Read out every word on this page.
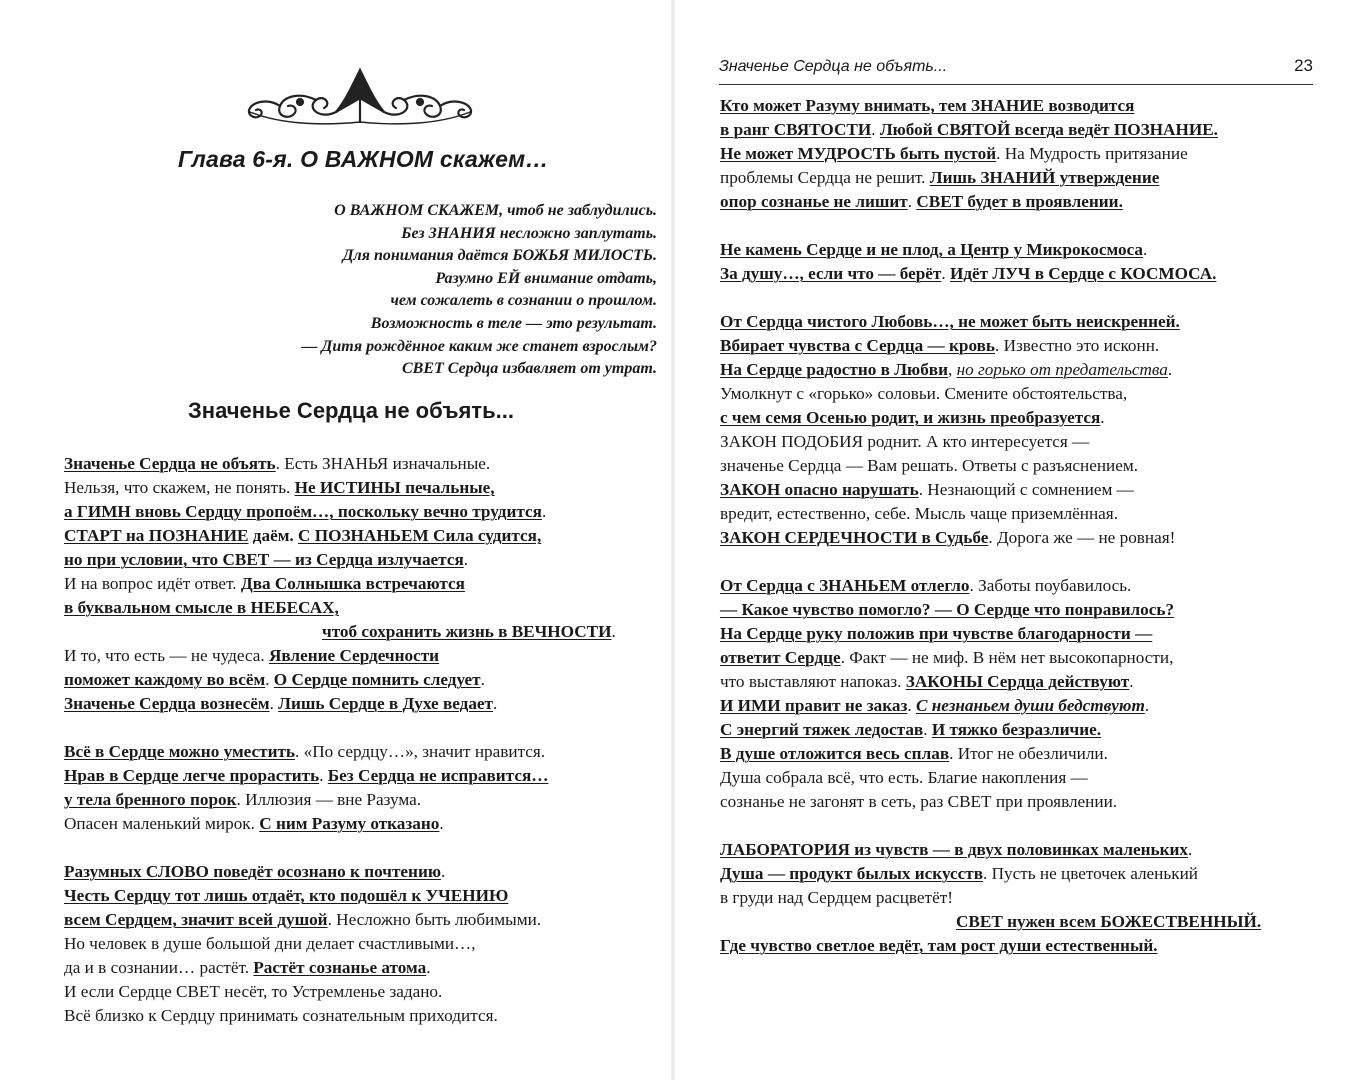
Глава 6-я. О ВАЖНОМ скажем…
О ВАЖНОМ СКАЖЕМ, чтоб не заблудились.
Без ЗНАНИЯ несложно заплутать.
Для понимания даётся БОЖЬЯ МИЛОСТЬ.
Разумно ЕЙ внимание отдать,
чем сожалеть в сознании о прошлом.
Возможность в теле — это результат.
— Дитя рождённое каким же станет взрослым?
СВЕТ Сердца избавляет от утрат.
Значенье Сердца не объять...
Значенье Сердца не объять. Есть ЗНАНЬЯ изначальные.
Нельзя, что скажем, не понять. Не ИСТИНЫ печальные,
а ГИМН вновь Сердцу пропоём…, поскольку вечно трудится.
СТАРТ на ПОЗНАНИЕ даём. С ПОЗНАНЬЕМ Сила судится,
но при условии, что СВЕТ — из Сердца излучается.
И на вопрос идёт ответ. Два Солнышка встречаются
в буквальном смысле в НЕБЕСАХ,
чтоб сохранить жизнь в ВЕЧНОСТИ.
И то, что есть — не чудеса. Явление Сердечности
поможет каждому во всём. О Сердце помнить следует.
Значенье Сердца вознесём. Лишь Сердце в Духе ведает.
Всё в Сердце можно уместить. «По сердцу…», значит нравится.
Нрав в Сердце легче прорастить. Без Сердца не исправится…
у тела бренного порок. Иллюзия — вне Разума.
Опасен маленький мирок. С ним Разуму отказано.
Разумных СЛОВО поведёт осознано к почтению.
Честь Сердцу тот лишь отдаёт, кто подошёл к УЧЕНИЮ
всем Сердцем, значит всей душой. Несложно быть любимыми.
Но человек в душе большой дни делает счастливыми…,
да и в сознании… растёт. Растёт сознанье атома.
И если Сердце СВЕТ несёт, то Устремленье задано.
Всё близко к Сердцу принимать сознательным приходится.
Значенье Сердца не объять...	23
Кто может Разуму внимать, тем ЗНАНИЕ возводится
в ранг СВЯТОСТИ. Любой СВЯТОЙ всегда ведёт ПОЗНАНИЕ.
Не может МУДРОСТЬ быть пустой. На Мудрость притязание
проблемы Сердца не решит. Лишь ЗНАНИЙ утверждение
опор сознанье не лишит. СВЕТ будет в проявлении.
Не камень Сердце и не плод, а Центр у Микрокосмоса.
За душу…, если что — берёт. Идёт ЛУЧ в Сердце с КОСМОСА.
От Сердца чистого Любовь…, не может быть неискренней.
Вбирает чувства с Сердца — кровь. Известно это исконн.
На Сердце радостно в Любви, но горько от предательства.
Умолкнут с «горько» соловьи. Смените обстоятельства,
с чем семя Осенью родит, и жизнь преобразуется.
ЗАКОН ПОДОБИЯ роднит. А кто интересуется —
значенье Сердца — Вам решать. Ответы с разъяснением.
ЗАКОН опасно нарушать. Незнающий с сомнением —
вредит, естественно, себе. Мысль чаще приземлённая.
ЗАКОН СЕРДЕЧНОСТИ в Судьбе. Дорога же — не ровная!
От Сердца с ЗНАНЬЕМ отлегло. Заботы поубавилось.
— Какое чувство помогло? — О Сердце что понравилось?
На Сердце руку положив при чувстве благодарности —
ответит Сердце. Факт — не миф. В нём нет высокопарности,
что выставляют напоказ. ЗАКОНЫ Сердца действуют.
И ИМИ правит не заказ. С незнаньем души бедствуют.
С энергий тяжек ледостав. И тяжко безразличие.
В душе отложится весь сплав. Итог не обезличили.
Душа собрала всё, что есть. Благие накопления —
сознанье не загонят в сеть, раз СВЕТ при проявлении.
ЛАБОРАТОРИЯ из чувств — в двух половинках маленьких.
Душа — продукт былых искусств. Пусть не цветочек аленький
в груди над Сердцем расцветёт!
СВЕТ нужен всем БОЖЕСТВЕННЫЙ.
Где чувство светлое ведёт, там рост души естественный.
